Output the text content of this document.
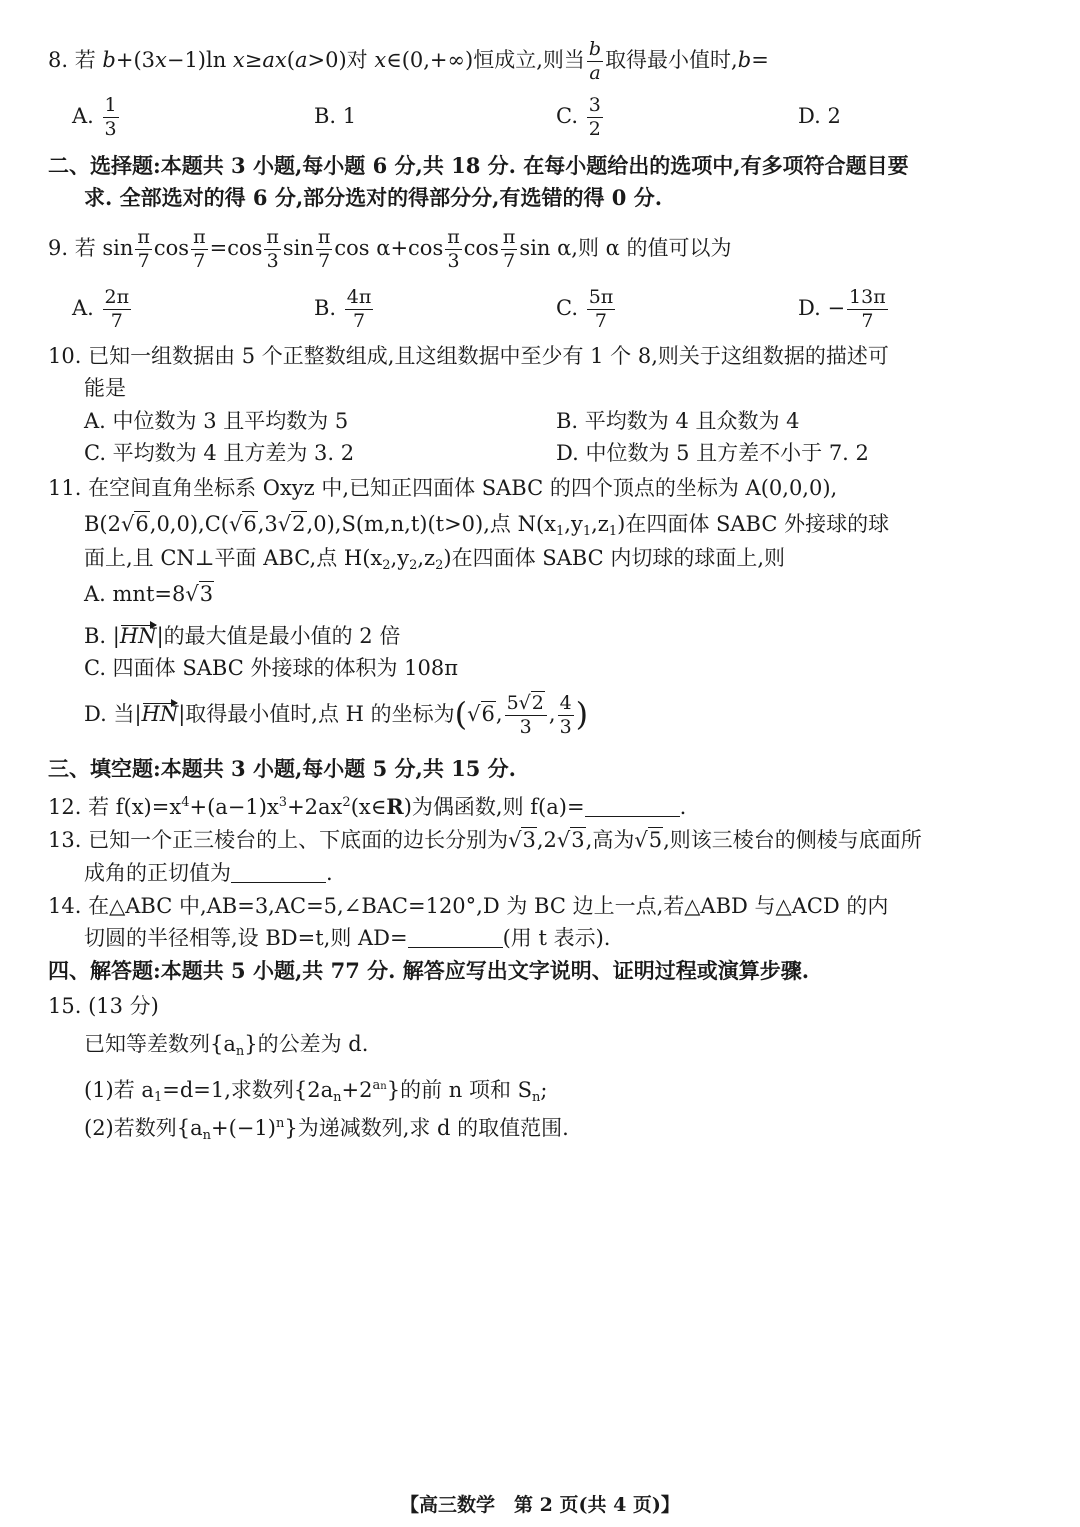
8. 若 b+(3x−1)ln x≥ax(a>0)对 x∈(0,+∞)恒成立,则当 $\frac{b}{a}$ 取得最小值时,b=
A. $\frac{1}{3}$	B. 1	C. $\frac{3}{2}$	D. 2
二、选择题:本题共 3 小题,每小题 6 分,共 18 分. 在每小题给出的选项中,有多项符合题目要
求. 全部选对的得 6 分,部分选对的得部分分,有选错的得 0 分.
9. 若 $\sin \frac{\pi}{7}$ $\cos \frac{\pi}{7} =\cos \frac{\pi}{3}$ $\sin \frac{\pi}{7}$ $\cos \alpha+\cos \frac{\pi}{3}$ $\cos \frac{\pi}{7}$ sin α,则 α 的值可以为
A. $\frac{2\pi}{7}$	B. $\frac{4\pi}{7}$	C. $\frac{5\pi}{7}$	D. − $\frac{13\pi}{7}$
10. 已知一组数据由 5 个正整数组成,且这组数据中至少有 1 个 8,则关于这组数据的描述可
能是
A. 中位数为 3 且平均数为 5	B. 平均数为 4 且众数为 4
C. 平均数为 4 且方差为 3. 2	D. 中位数为 5 且方差不小于 7. 2
11. 在空间直角坐标系 Oxyz 中,已知正四面体 SABC 的四个顶点的坐标为 A(0,0,0),
B(2√6,0,0),C(√6,3√2,0),S(m,n,t)(t>0),点 $N(x_1,y_1,z_1)$在四面体 SABC 外接球的球
面上,且 CN⊥平面 ABC,点 $H(x_2,y_2,z_2)$在四面体 SABC 内切球的球面上,则
A. mnt=8√3
B. |HN|的最大值是最小值的 2 倍
C. 四面体 SABC 外接球的体积为 108π
D. 当|HN|取得最小值时,点 H 的坐标为(√6, $\frac{5√2}{3}$ , $\frac{4}{3}$ )
三、填空题:本题共 3 小题,每小题 5 分,共 15 分.
12. 若 $f(x)=x^4+(a-1)x^3+2ax^2(x\in R)$为偶函数,则 f(a)=	.
13. 已知一个正三棱台的上、下底面的边长分别为√3,2√3,高为√5,则该三棱台的侧棱与底面所
成角的正切值为	.
14. 在△ABC 中,AB=3,AC=5,∠BAC=120°,D 为 BC 边上一点,若△ABD 与△ACD 的内
切圆的半径相等,设 BD=t,则 AD=	(用 t 表示).
四、解答题:本题共 5 小题,共 77 分. 解答应写出文字说明、证明过程或演算步骤.
15. (13 分)
已知等差数列$\{a_n\}$的公差为 d.
(1)若 $a_1=d=1$,求数列$\{2a_n+2^{an}\}$的前 n 项和 $S_n$;
(2)若数列$\{a_n+(-1)^n\}$为递减数列,求 d 的取值范围.
【高三数学　第 2 页(共 4 页)】
